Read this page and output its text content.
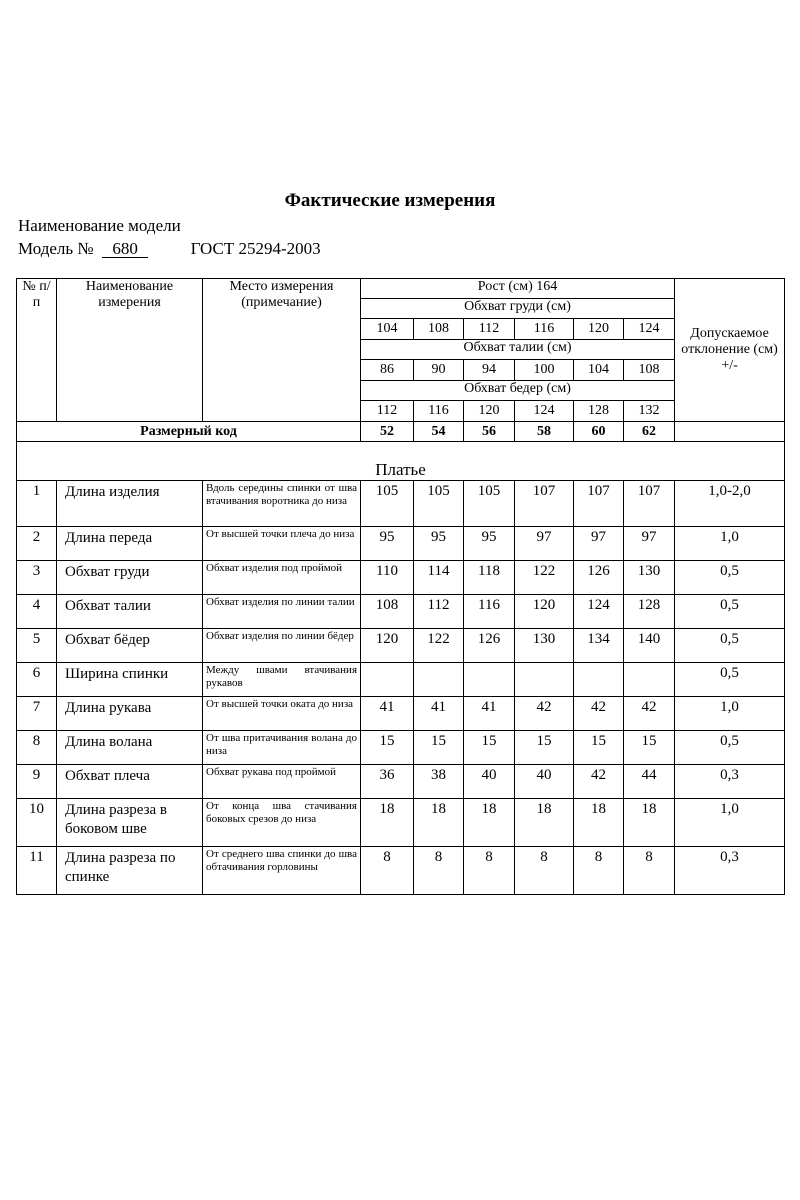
Фактические измерения
Наименование модели
Модель № 680	ГОСТ 25294-2003
№ п/п	Наименование измерения	Место измерения (примечание)	Рост (см) 164						Допускаемое отклонение (см) +/-
			Обхват груди (см)						
			104	108	112	116	120	124	
			Обхват талии (см)						
			86	90	94	100	104	108	
			Обхват бедер (см)						
			112	116	120	124	128	132	
Размерный код			52	54	56	58	60	62	
Платье									
1	Длина изделия	Вдоль середины спинки от шва втачивания воротника до низа	105	105	105	107	107	107	1,0-2,0
2	Длина переда	От высшей точки плеча до низа	95	95	95	97	97	97	1,0
3	Обхват груди	Обхват изделия под проймой	110	114	118	122	126	130	0,5
4	Обхват талии	Обхват изделия по линии талии	108	112	116	120	124	128	0,5
5	Обхват бёдер	Обхват изделия по линии бёдер	120	122	126	130	134	140	0,5
6	Ширина спинки	Между швами втачивания рукавов							0,5
7	Длина рукава	От высшей точки оката до низа	41	41	41	42	42	42	1,0
8	Длина волана	От шва притачивания волана до низа	15	15	15	15	15	15	0,5
9	Обхват плеча	Обхват рукава под проймой	36	38	40	40	42	44	0,3
10	Длина разреза в боковом шве	От конца шва стачивания боковых срезов до низа	18	18	18	18	18	18	1,0
11	Длина разреза по спинке	От среднего шва спинки до шва обтачивания горловины	8	8	8	8	8	8	0,3
